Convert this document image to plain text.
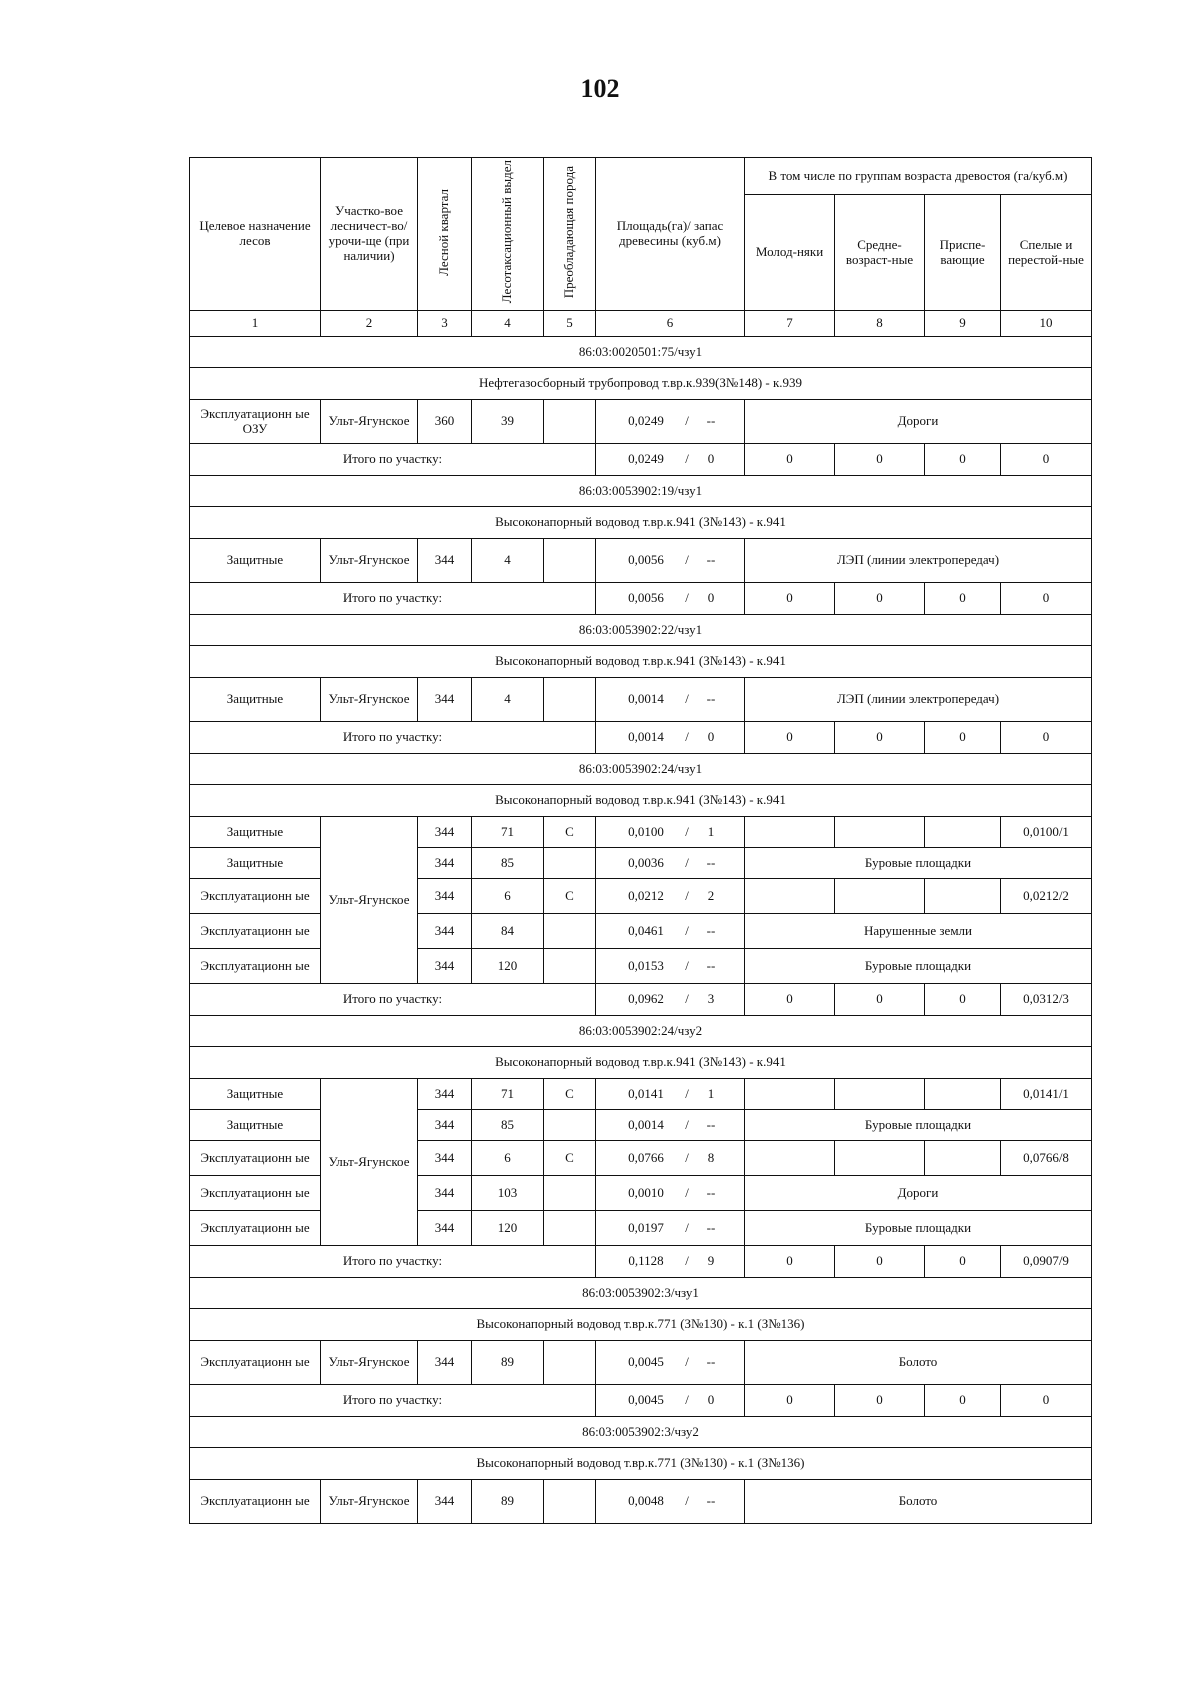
102
Целевое назначение лесов	Участко-вое лесничест-во/урочи-ще (при наличии)	Лесной квартал	Лесотаксационный выдел	Преобладающая порода	Площадь(га)/ запас древесины (куб.м)	В том числе по группам возраста древостоя (га/куб.м)			
						Молод-няки	Средне-возраст-ные	Приспе-вающие	Спелые и перестой-ные
1	2	3	4	5	6	7	8	9	10
86:03:0020501:75/чзу1									
Нефтегазосборный трубопровод т.вр.к.939(З№148) - к.939									
Эксплуатационн ые ОЗУ	Ульт-Ягунское	360	39		0,0249 / --	Дороги			
Итого по участку:					0,0249 / 0	0	0	0	0
86:03:0053902:19/чзу1									
Высоконапорный водовод т.вр.к.941 (З№143) - к.941									
Защитные	Ульт-Ягунское	344	4		0,0056 / --	ЛЭП (линии электропередач)			
Итого по участку:					0,0056 / 0	0	0	0	0
86:03:0053902:22/чзу1									
Высоконапорный водовод т.вр.к.941 (З№143) - к.941									
Защитные	Ульт-Ягунское	344	4		0,0014 / --	ЛЭП (линии электропередач)			
Итого по участку:					0,0014 / 0	0	0	0	0
86:03:0053902:24/чзу1									
Высоконапорный водовод т.вр.к.941 (З№143) - к.941									
Защитные	Ульт-Ягунское	344	71	С	0,0100 / 1				0,0100/1
Защитные		344	85		0,0036 / --	Буровые площадки			
Эксплуатационн ые		344	6	С	0,0212 / 2				0,0212/2
Эксплуатационн ые		344	84		0,0461 / --	Нарушенные земли			
Эксплуатационн ые		344	120		0,0153 / --	Буровые площадки			
Итого по участку:					0,0962 / 3	0	0	0	0,0312/3
86:03:0053902:24/чзу2									
Высоконапорный водовод т.вр.к.941 (З№143) - к.941									
Защитные	Ульт-Ягунское	344	71	С	0,0141 / 1				0,0141/1
Защитные		344	85		0,0014 / --	Буровые площадки			
Эксплуатационн ые		344	6	С	0,0766 / 8				0,0766/8
Эксплуатационн ые		344	103		0,0010 / --	Дороги			
Эксплуатационн ые		344	120		0,0197 / --	Буровые площадки			
Итого по участку:					0,1128 / 9	0	0	0	0,0907/9
86:03:0053902:3/чзу1									
Высоконапорный водовод т.вр.к.771 (З№130) - к.1 (З№136)									
Эксплуатационн ые	Ульт-Ягунское	344	89		0,0045 / --	Болото			
Итого по участку:					0,0045 / 0	0	0	0	0
86:03:0053902:3/чзу2									
Высоконапорный водовод т.вр.к.771 (З№130) - к.1 (З№136)									
Эксплуатационн ые	Ульт-Ягунское	344	89		0,0048 / --	Болото			
